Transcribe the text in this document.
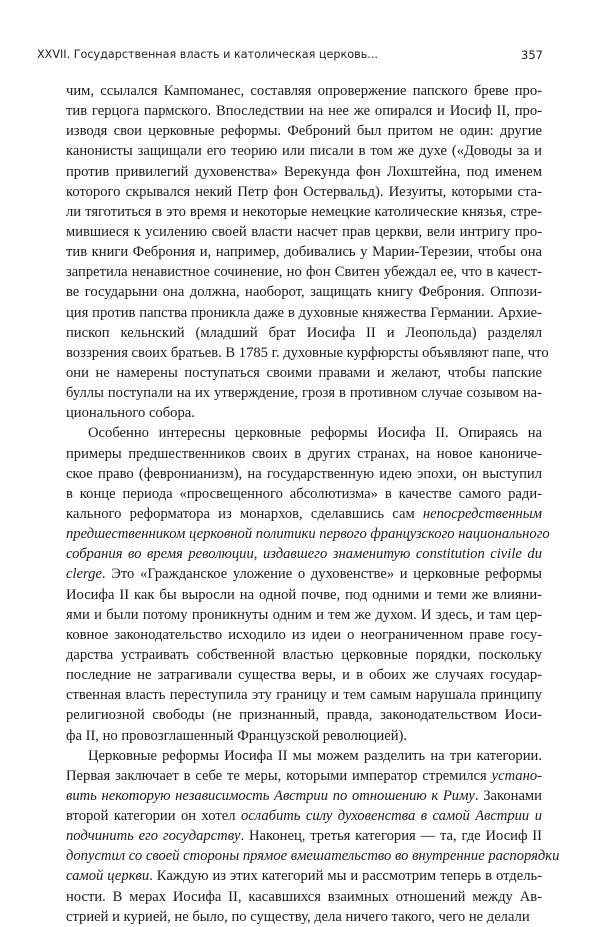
XXVII. Государственная власть и католическая церковь...	357
чим, ссылался Кампоманес, составляя опровержение папского бреве про-
тив герцога пармского. Впоследствии на нее же опирался и Иосиф II, про-
изводя свои церковные реформы. Феброний был притом не один: другие
канонисты защищали его теорию или писали в том же духе («Доводы за и
против привилегий духовенства» Верекунда фон Лохштейна, под именем
которого скрывался некий Петр фон Остервальд). Иезуиты, которыми ста-
ли тяготиться в это время и некоторые немецкие католические князья, стре-
мившиеся к усилению своей власти насчет прав церкви, вели интригу про-
тив книги Феброния и, например, добивались у Марии-Терезии, чтобы она
запретила ненавистное сочинение, но фон Свитен убеждал ее, что в качест-
ве государыни она должна, наоборот, защищать книгу Феброния. Оппози-
ция против папства проникла даже в духовные княжества Германии. Архие-
пископ кельнский (младший брат Иосифа II и Леопольда) разделял
воззрения своих братьев. В 1785 г. духовные курфюрсты объявляют папе, что
они не намерены поступаться своими правами и желают, чтобы папские
буллы поступали на их утверждение, грозя в противном случае созывом на-
ционального собора.
Особенно интересны церковные реформы Иосифа II. Опираясь на
примеры предшественников своих в других странах, на новое канониче-
ское право (февронианизм), на государственную идею эпохи, он выступил
в конце периода «просвещенного абсолютизма» в качестве самого ради-
кального реформатора из монархов, сделавшись сам непосредственным
предшественником церковной политики первого французского национального
собрания во время революции, издавшего знаменитую constitution civile du
clerge. Это «Гражданское уложение о духовенстве» и церковные реформы
Иосифа II как бы выросли на одной почве, под одними и теми же влияни-
ями и были потому проникнуты одним и тем же духом. И здесь, и там цер-
ковное законодательство исходило из идеи о неограниченном праве госу-
дарства устраивать собственной властью церковные порядки, поскольку
последние не затрагивали существа веры, и в обоих же случаях государ-
ственная власть переступила эту границу и тем самым нарушала принципу
религиозной свободы (не признанный, правда, законодательством Иоси-
фа II, но провозглашенный Французской революцией).
Церковные реформы Иосифа II мы можем разделить на три категории.
Первая заключает в себе те меры, которыми император стремился устано-
вить некоторую независимость Австрии по отношению к Риму. Законами
второй категории он хотел ослабить силу духовенства в самой Австрии и
подчинить его государству. Наконец, третья категория — та, где Иосиф II
допустил со своей стороны прямое вмешательство во внутренние распорядки
самой церкви. Каждую из этих категорий мы и рассмотрим теперь в отдель-
ности. В мерах Иосифа II, касавшихся взаимных отношений между Ав-
стрией и курией, не было, по существу, дела ничего такого, чего не делали
